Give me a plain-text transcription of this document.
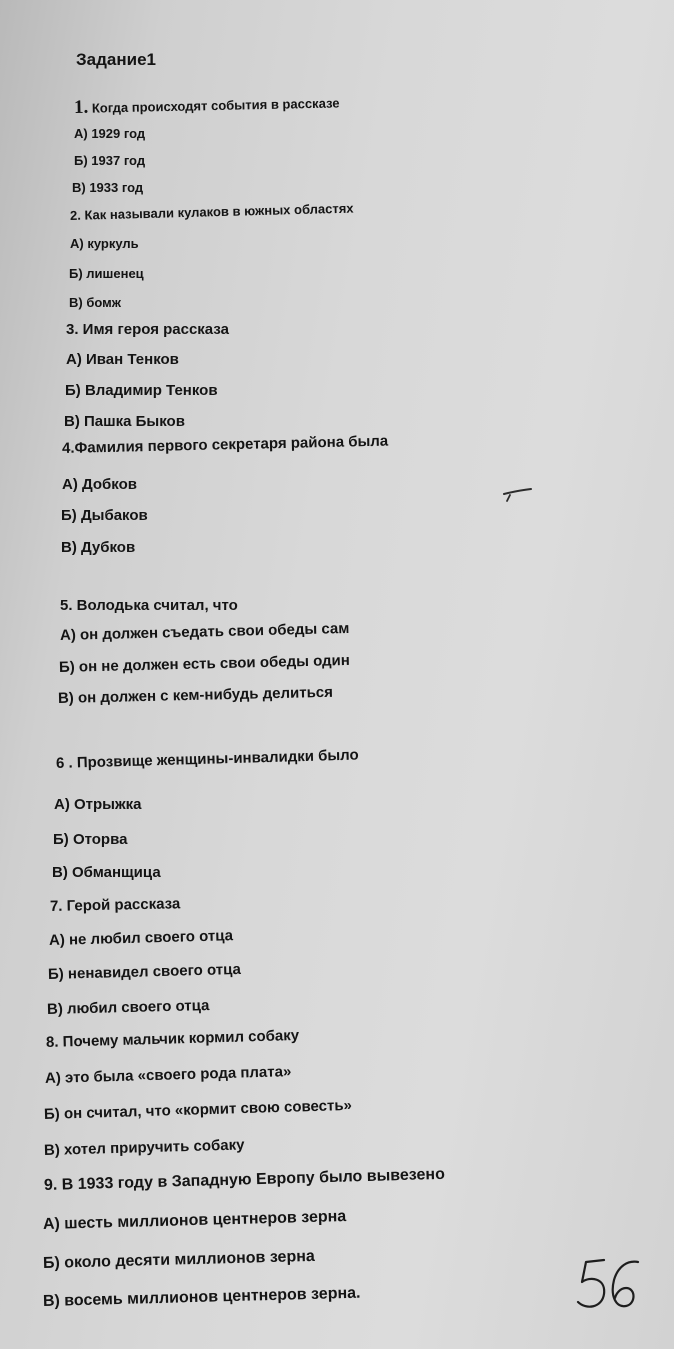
Задание1
1. Когда происходят события в рассказе
А) 1929 год
Б) 1937 год
В) 1933 год
2. Как называли кулаков в южных областях
А) куркуль
Б) лишенец
В) бомж
3. Имя героя рассказа
А) Иван Тенков
Б) Владимир Тенков
В) Пашка Быков
4.Фамилия первого секретаря района была
А) Добков
Б) Дыбаков
В) Дубков
5. Володька считал, что
А) он должен съедать свои обеды сам
Б) он не должен есть свои обеды один
В) он должен с кем-нибудь делиться
6 . Прозвище женщины-инвалидки было
А) Отрыжка
Б) Оторва
В) Обманщица
7. Герой рассказа
А) не любил своего отца
Б) ненавидел своего отца
В) любил своего отца
8. Почему мальчик кормил собаку
А) это была «своего рода плата»
Б) он считал, что «кормит свою совесть»
В) хотел приручить собаку
9. В 1933 году в Западную Европу было вывезено
А) шесть миллионов центнеров зерна
Б) около десяти миллионов зерна
В) восемь миллионов центнеров зерна.
